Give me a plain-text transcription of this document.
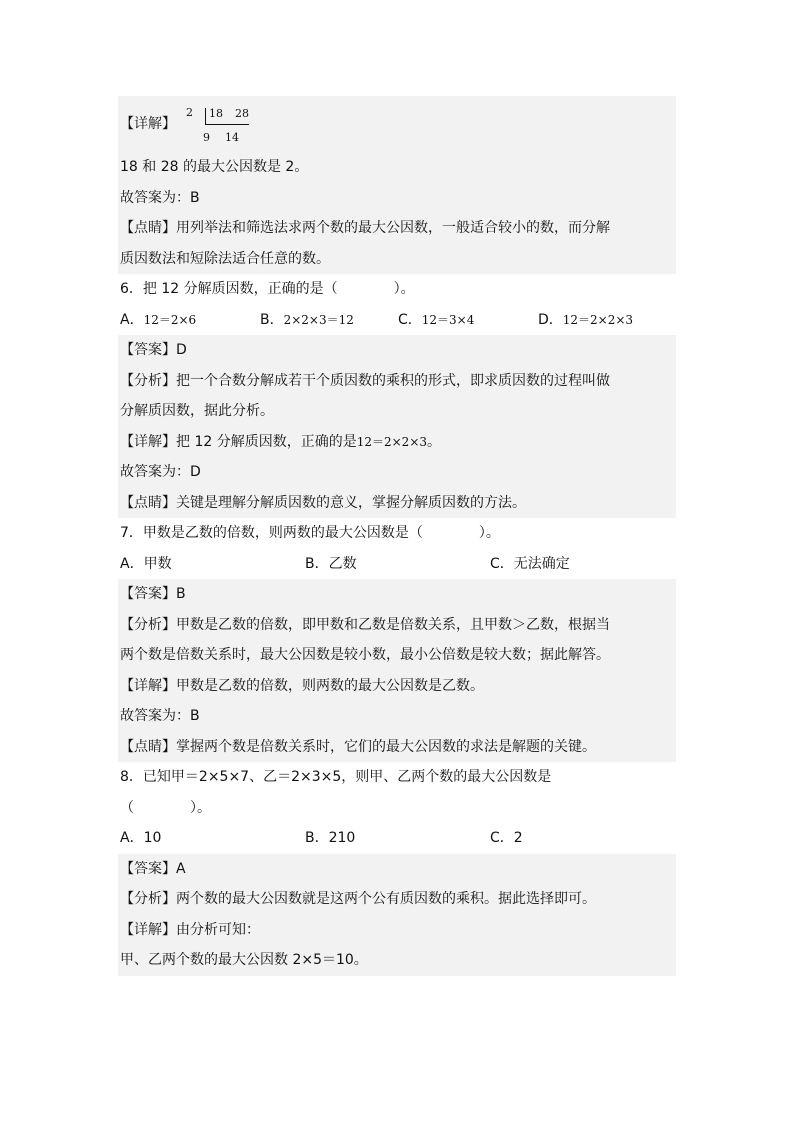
【详解】
2 18 28
9 14
18 和 28 的最大公因数是 2。
故答案为：B
【点睛】用列举法和筛选法求两个数的最大公因数，一般适合较小的数，而分解
质因数法和短除法适合任意的数。
6．把 12 分解质因数，正确的是（　　　　）。
A．12＝2×6	B．2×2×3＝12	C．12＝3×4	D．12＝2×2×3
【答案】D
【分析】把一个合数分解成若干个质因数的乘积的形式，即求质因数的过程叫做
分解质因数，据此分析。
【详解】把 12 分解质因数，正确的是12＝2×2×3。
故答案为：D
【点睛】关键是理解分解质因数的意义，掌握分解质因数的方法。
7．甲数是乙数的倍数，则两数的最大公因数是（　　　　）。
A．甲数	B．乙数	C．无法确定
【答案】B
【分析】甲数是乙数的倍数，即甲数和乙数是倍数关系，且甲数＞乙数，根据当
两个数是倍数关系时，最大公因数是较小数，最小公倍数是较大数；据此解答。
【详解】甲数是乙数的倍数，则两数的最大公因数是乙数。
故答案为：B
【点睛】掌握两个数是倍数关系时，它们的最大公因数的求法是解题的关键。
8．已知甲＝2×5×7、乙＝2×3×5，则甲、乙两个数的最大公因数是
（　　　　）。
A．10	B．210	C．2
【答案】A
【分析】两个数的最大公因数就是这两个公有质因数的乘积。据此选择即可。
【详解】由分析可知：
甲、乙两个数的最大公因数 2×5＝10。
